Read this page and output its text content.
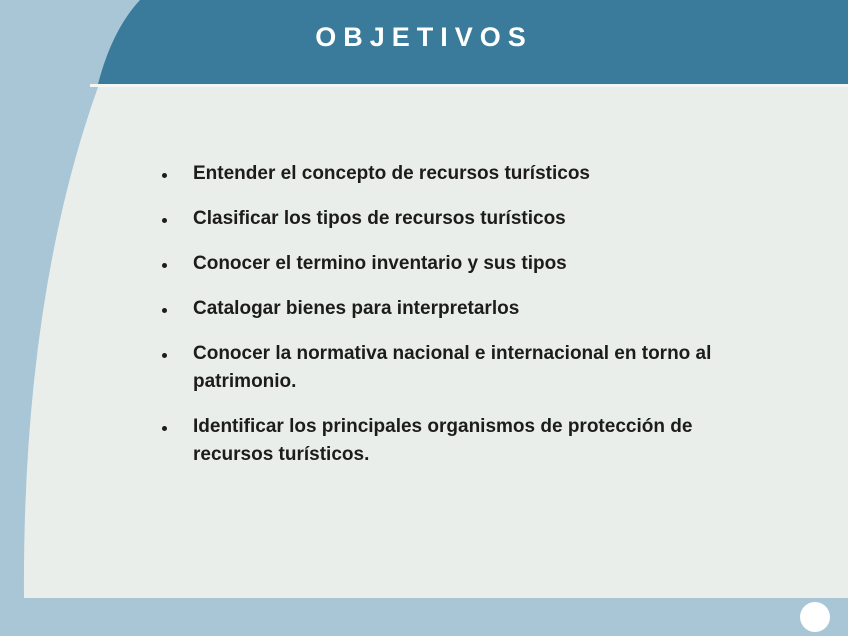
OBJETIVOS
Entender el concepto de recursos turísticos
Clasificar los tipos de recursos turísticos
Conocer el termino inventario y sus tipos
Catalogar bienes para interpretarlos
Conocer la normativa nacional e internacional en torno al patrimonio.
Identificar los principales organismos de protección de recursos turísticos.
